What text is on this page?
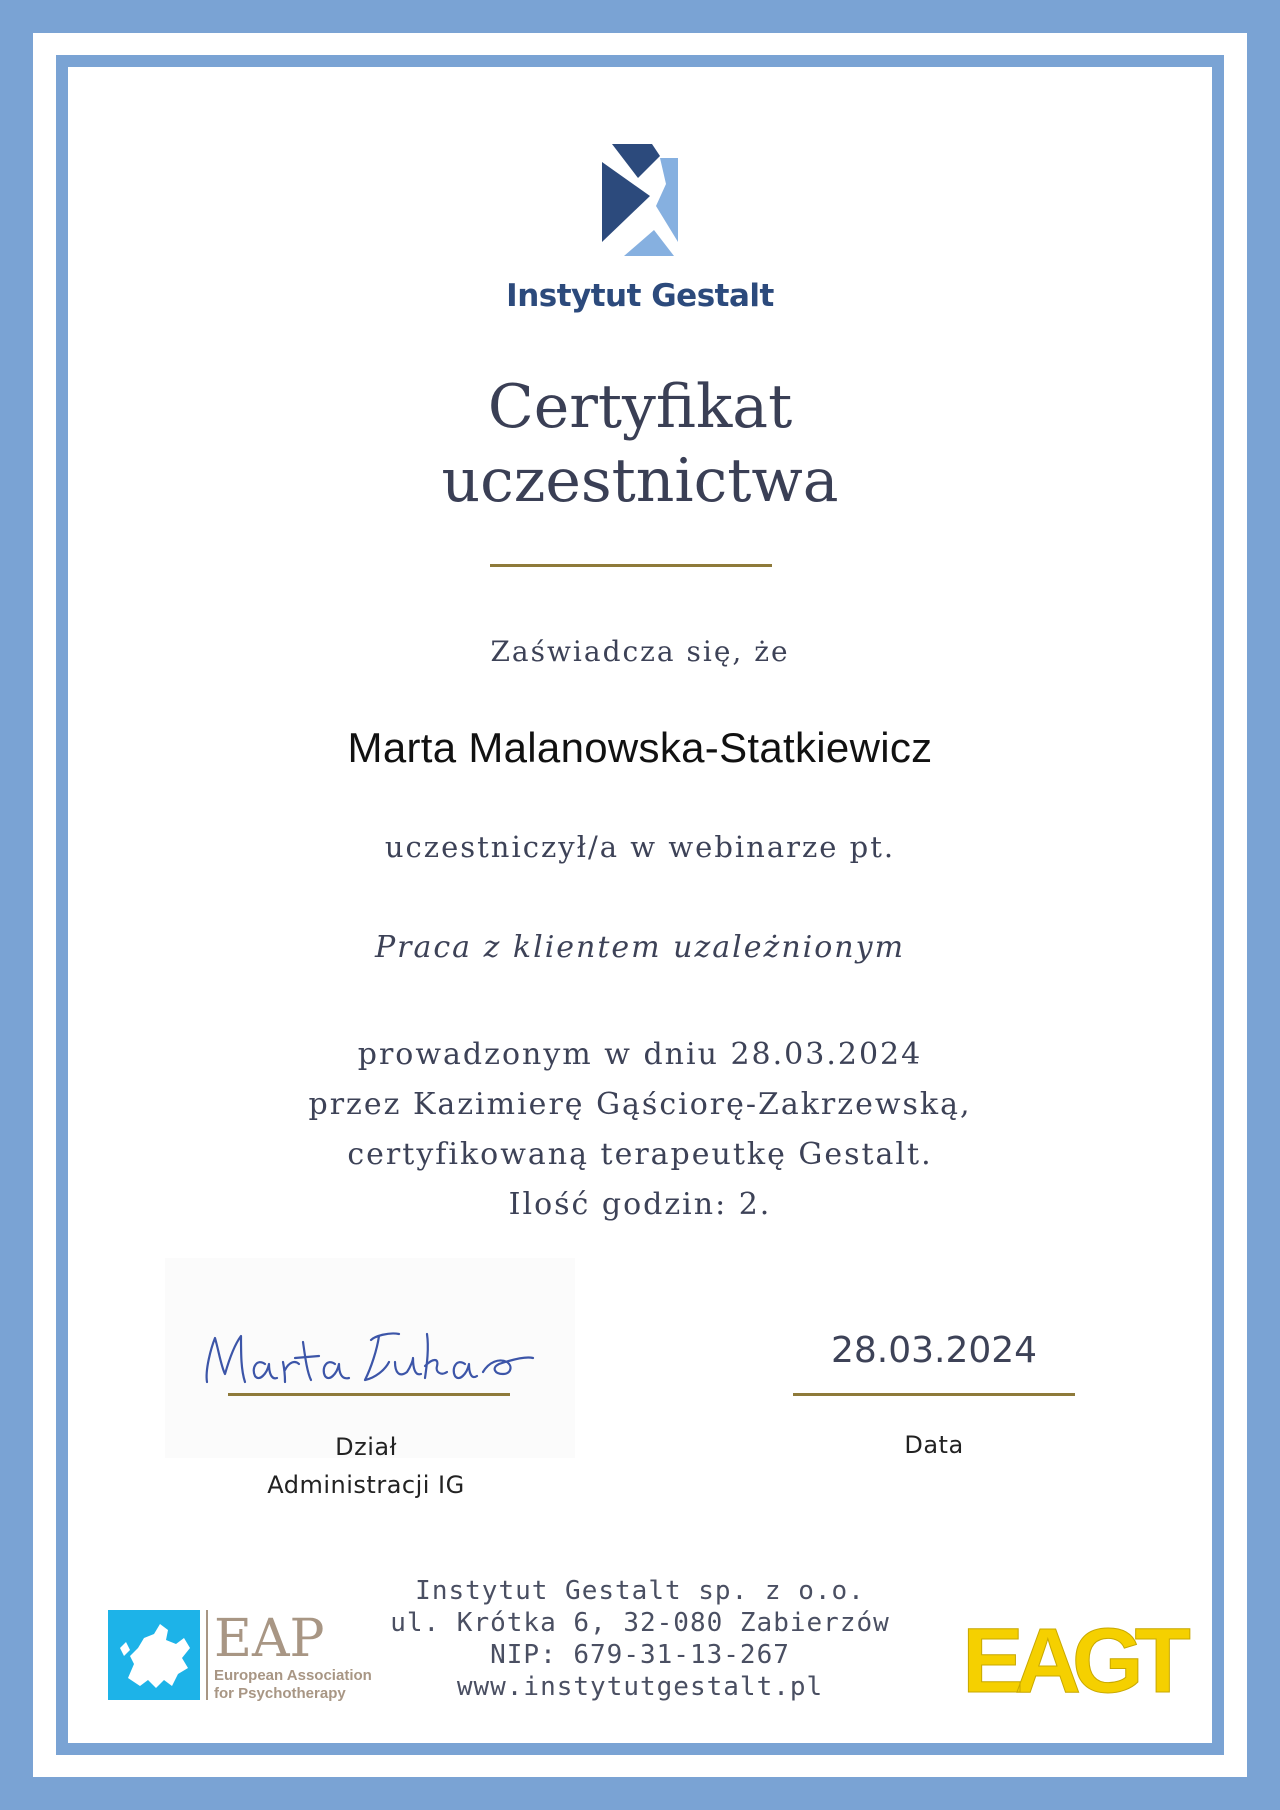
Instytut Gestalt
Certyfikat
uczestnictwa
Zaświadcza się, że
Marta Malanowska-Statkiewicz
uczestniczył/a w webinarze pt.
Praca z klientem uzależnionym
prowadzonym w dniu 28.03.2024
przez Kazimierę Gąściorę-Zakrzewską,
certyfikowaną terapeutkę Gestalt.
Ilość godzin: 2.
Dział
Administracji IG
28.03.2024
Data
EAP
European Association
for Psychotherapy	EAGT
Instytut Gestalt sp. z o.o.
ul. Krótka 6, 32-080 Zabierzów
NIP: 679-31-13-267
www.instytutgestalt.pl
